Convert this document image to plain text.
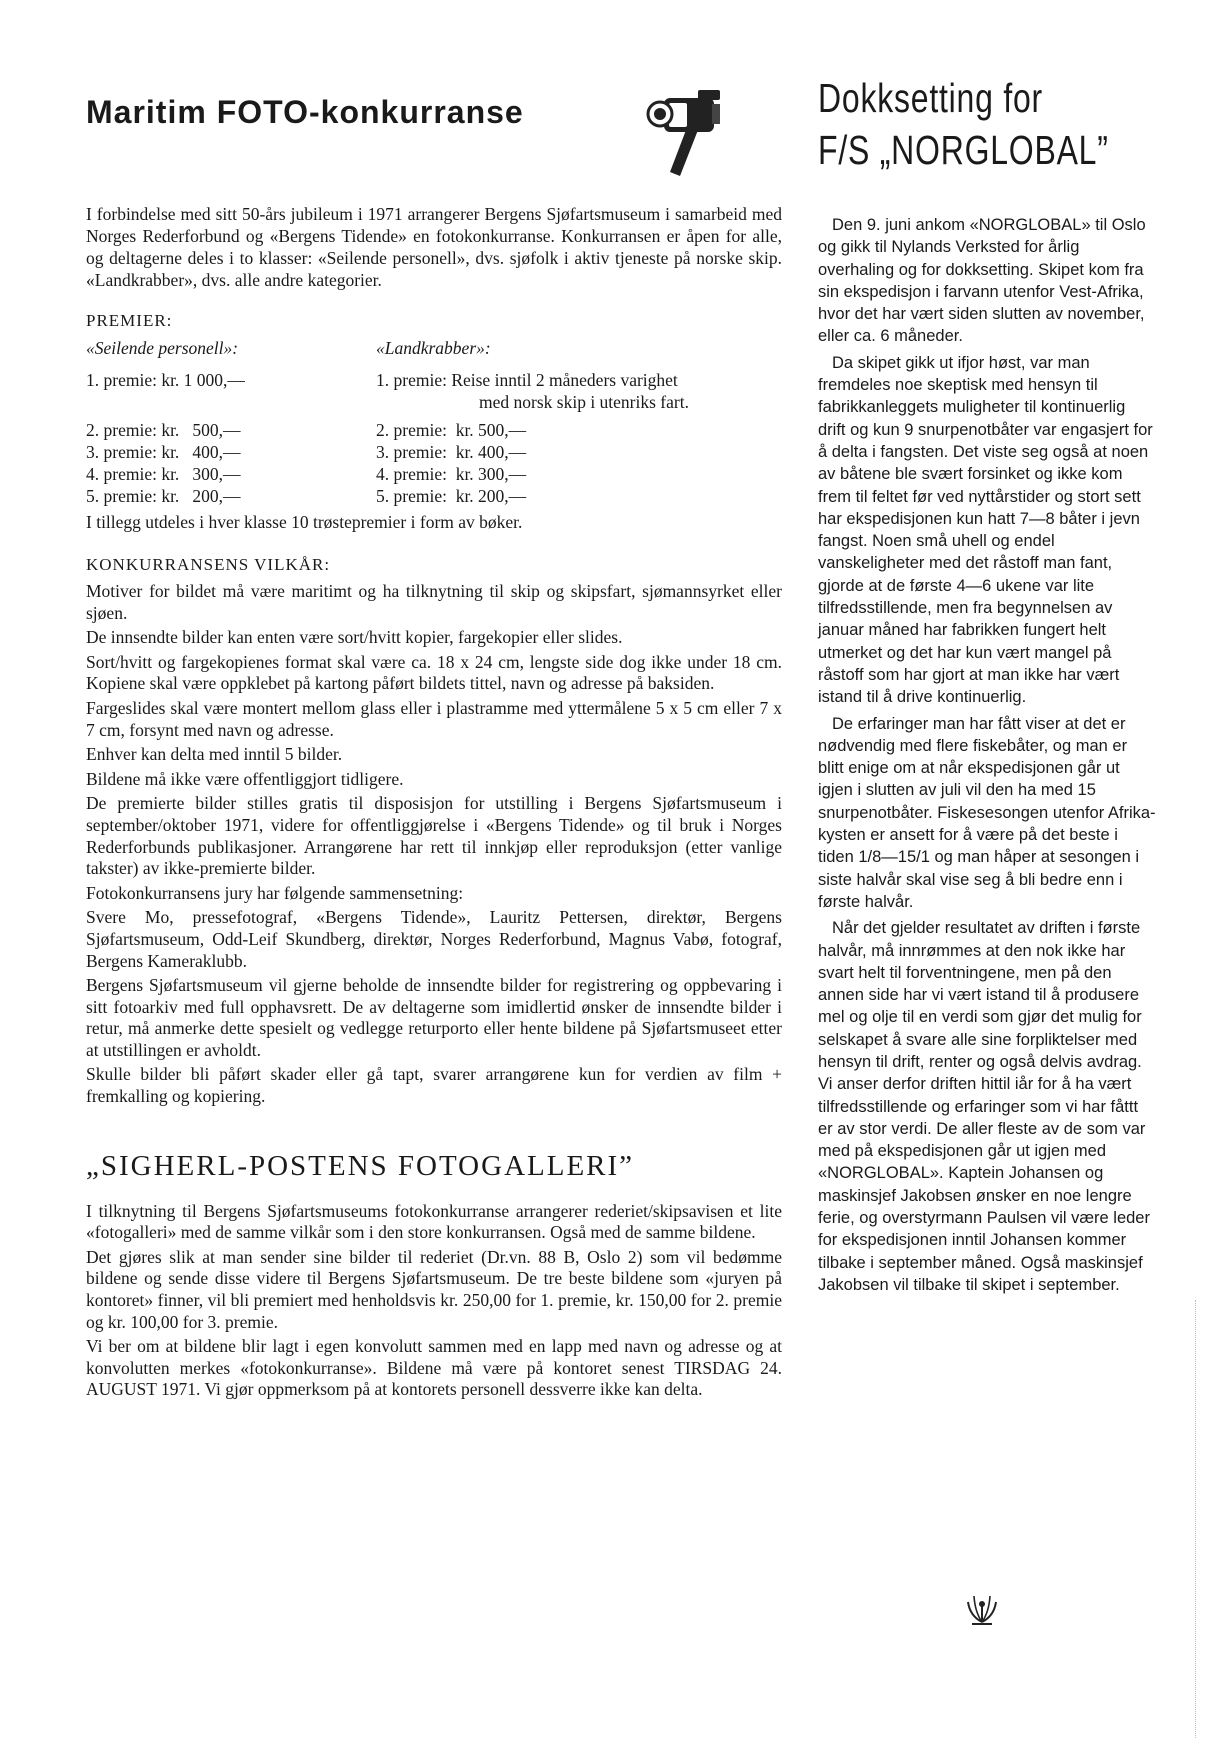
Maritim FOTO-konkurranse

I forbindelse med sitt 50-års jubileum i 1971 arrangerer Bergens Sjøfartsmuseum i samarbeid med Norges Rederforbund og «Bergens Tidende» en fotokonkurranse. Konkurransen er åpen for alle, og deltagerne deles i to klasser: «Seilende personell», dvs. sjøfolk i aktiv tjeneste på norske skip. «Landkrabber», dvs. alle andre kategorier.

PREMIER:
«Seilende personell»:	«Landkrabber»:
1. premie: kr. 1 000,—	1. premie: Reise inntil 2 måneders varighet
med norsk skip i utenriks fart.
2. premie: kr.   500,—	2. premie:  kr. 500,—
3. premie: kr.   400,—	3. premie:  kr. 400,—
4. premie: kr.   300,—	4. premie:  kr. 300,—
5. premie: kr.   200,—	5. premie:  kr. 200,—
I tillegg utdeles i hver klasse 10 trøstepremier i form av bøker.
KONKURRANSENS VILKÅR:

Motiver for bildet må være maritimt og ha tilknytning til skip og skipsfart, sjømannsyrket eller sjøen.

De innsendte bilder kan enten være sort/hvitt kopier, fargekopier eller slides.

Sort/hvitt og fargekopienes format skal være ca. 18 x 24 cm, lengste side dog ikke under 18 cm. Kopiene skal være oppklebet på kartong påført bildets tittel, navn og adresse på baksiden.

Fargeslides skal være montert mellom glass eller i plastramme med yttermålene 5 x 5 cm eller 7 x 7 cm, forsynt med navn og adresse.

Enhver kan delta med inntil 5 bilder.

Bildene må ikke være offentliggjort tidligere.

De premierte bilder stilles gratis til disposisjon for utstilling i Bergens Sjøfartsmuseum i september/oktober 1971, videre for offentliggjørelse i «Bergens Tidende» og til bruk i Norges Rederforbunds publikasjoner. Arrangørene har rett til innkjøp eller reproduksjon (etter vanlige takster) av ikke-premierte bilder.

Fotokonkurransens jury har følgende sammensetning:

Svere Mo, pressefotograf, «Bergens Tidende», Lauritz Pettersen, direktør, Bergens Sjøfartsmuseum, Odd-Leif Skundberg, direktør, Norges Rederforbund, Magnus Vabø, fotograf, Bergens Kameraklubb.

Bergens Sjøfartsmuseum vil gjerne beholde de innsendte bilder for registrering og oppbevaring i sitt fotoarkiv med full opphavsrett. De av deltagerne som imidlertid ønsker de innsendte bilder i retur, må anmerke dette spesielt og vedlegge returporto eller hente bildene på Sjøfartsmuseet etter at utstillingen er avholdt.

Skulle bilder bli påført skader eller gå tapt, svarer arrangørene kun for verdien av film + fremkalling og kopiering.

„SIGHERL-POSTENS FOTOGALLERI”

I tilknytning til Bergens Sjøfartsmuseums fotokonkurranse arrangerer rederiet/skipsavisen et lite «fotogalleri» med de samme vilkår som i den store konkurransen. Også med de samme bildene.

Det gjøres slik at man sender sine bilder til rederiet (Dr.vn. 88 B, Oslo 2) som vil bedømme bildene og sende disse videre til Bergens Sjøfartsmuseum. De tre beste bildene som «juryen på kontoret» finner, vil bli premiert med henholdsvis kr. 250,00 for 1. premie, kr. 150,00 for 2. premie og kr. 100,00 for 3. premie.

Vi ber om at bildene blir lagt i egen konvolutt sammen med en lapp med navn og adresse og at konvolutten merkes «fotokonkurranse». Bildene må være på kontoret senest TIRSDAG 24. AUGUST 1971. Vi gjør oppmerksom på at kontorets personell dessverre ikke kan delta.

Dokksetting for
F/S „NORGLOBAL”

Den 9. juni ankom «NORGLOBAL» til Oslo og gikk til Nylands Verksted for årlig overhaling og for dokksetting. Skipet kom fra sin ekspedisjon i farvann utenfor Vest-Afrika, hvor det har vært siden slutten av november, eller ca. 6 måneder.

Da skipet gikk ut ifjor høst, var man fremdeles noe skeptisk med hensyn til fabrikkanleggets muligheter til kontinuerlig drift og kun 9 snurpenotbåter var engasjert for å delta i fangsten. Det viste seg også at noen av båtene ble svært forsinket og ikke kom frem til feltet før ved nyttårstider og stort sett har ekspedisjonen kun hatt 7—8 båter i jevn fangst. Noen små uhell og endel vanskeligheter med det råstoff man fant, gjorde at de første 4—6 ukene var lite tilfredsstillende, men fra begynnelsen av januar måned har fabrikken fungert helt utmerket og det har kun vært mangel på råstoff som har gjort at man ikke har vært istand til å drive kontinuerlig.

De erfaringer man har fått viser at det er nødvendig med flere fiskebåter, og man er blitt enige om at når ekspedisjonen går ut igjen i slutten av juli vil den ha med 15 snurpenotbåter. Fiskesesongen utenfor Afrika-kysten er ansett for å være på det beste i tiden 1/8—15/1 og man håper at sesongen i siste halvår skal vise seg å bli bedre enn i første halvår.

Når det gjelder resultatet av driften i første halvår, må innrømmes at den nok ikke har svart helt til forventningene, men på den annen side har vi vært istand til å produsere mel og olje til en verdi som gjør det mulig for selskapet å svare alle sine forpliktelser med hensyn til drift, renter og også delvis avdrag. Vi anser derfor driften hittil iår for å ha vært tilfredsstillende og erfaringer som vi har fåttt er av stor verdi. De aller fleste av de som var med på ekspedisjonen går ut igjen med «NORGLOBAL». Kaptein Johansen og maskinsjef Jakobsen ønsker en noe lengre ferie, og overstyrmann Paulsen vil være leder for ekspedisjonen inntil Johansen kommer tilbake i september måned. Også maskinsjef Jakobsen vil tilbake til skipet i september.
